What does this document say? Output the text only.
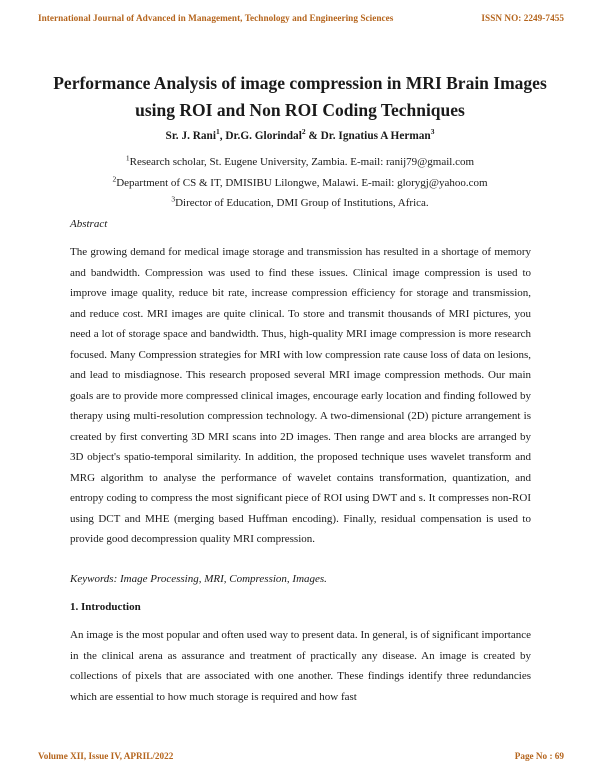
International Journal of Advanced in Management, Technology and Engineering Sciences	ISSN NO: 2249-7455
Performance Analysis of image compression in MRI Brain Images
using ROI and Non ROI Coding Techniques
Sr. J. Rani$^1$, Dr.G. Glorindal$^2$ & Dr. Ignatius A Herman$^3$
$^1$Research scholar, St. Eugene University, Zambia. E-mail: ranij79@gmail.com
$^2$Department of CS & IT, DMISIBU Lilongwe, Malawi. E-mail: glorygj@yahoo.com
$^3$Director of Education, DMI Group of Institutions, Africa.
Abstract

The growing demand for medical image storage and transmission has resulted in a shortage of memory and bandwidth. Compression was used to find these issues. Clinical image compression is used to improve image quality, reduce bit rate, increase compression efficiency for storage and transmission, and reduce cost. MRI images are quite clinical. To store and transmit thousands of MRI pictures, you need a lot of storage space and bandwidth. Thus, high-quality MRI image compression is more research focused. Many Compression strategies for MRI with low compression rate cause loss of data on lesions, and lead to misdiagnose. This research proposed several MRI image compression methods. Our main goals are to provide more compressed clinical images, encourage early location and finding followed by therapy using multi-resolution compression technology. A two-dimensional (2D) picture arrangement is created by first converting 3D MRI scans into 2D images. Then range and area blocks are arranged by 3D object's spatio-temporal similarity. In addition, the proposed technique uses wavelet transform and MRG algorithm to analyse the performance of wavelet contains transformation, quantization, and entropy coding to compress the most significant piece of ROI using DWT and s. It compresses non-ROI using DCT and MHE (merging based Huffman encoding). Finally, residual compensation is used to provide good decompression quality MRI compression.

Keywords: Image Processing, MRI, Compression, Images.
1. Introduction

An image is the most popular and often used way to present data. In general, is of significant importance in the clinical arena as assurance and treatment of practically any disease. An image is created by collections of pixels that are associated with one another. These findings identify three redundancies which are essential to how much storage is required and how fast

Volume XII, Issue IV, APRIL/2022	Page No : 69
